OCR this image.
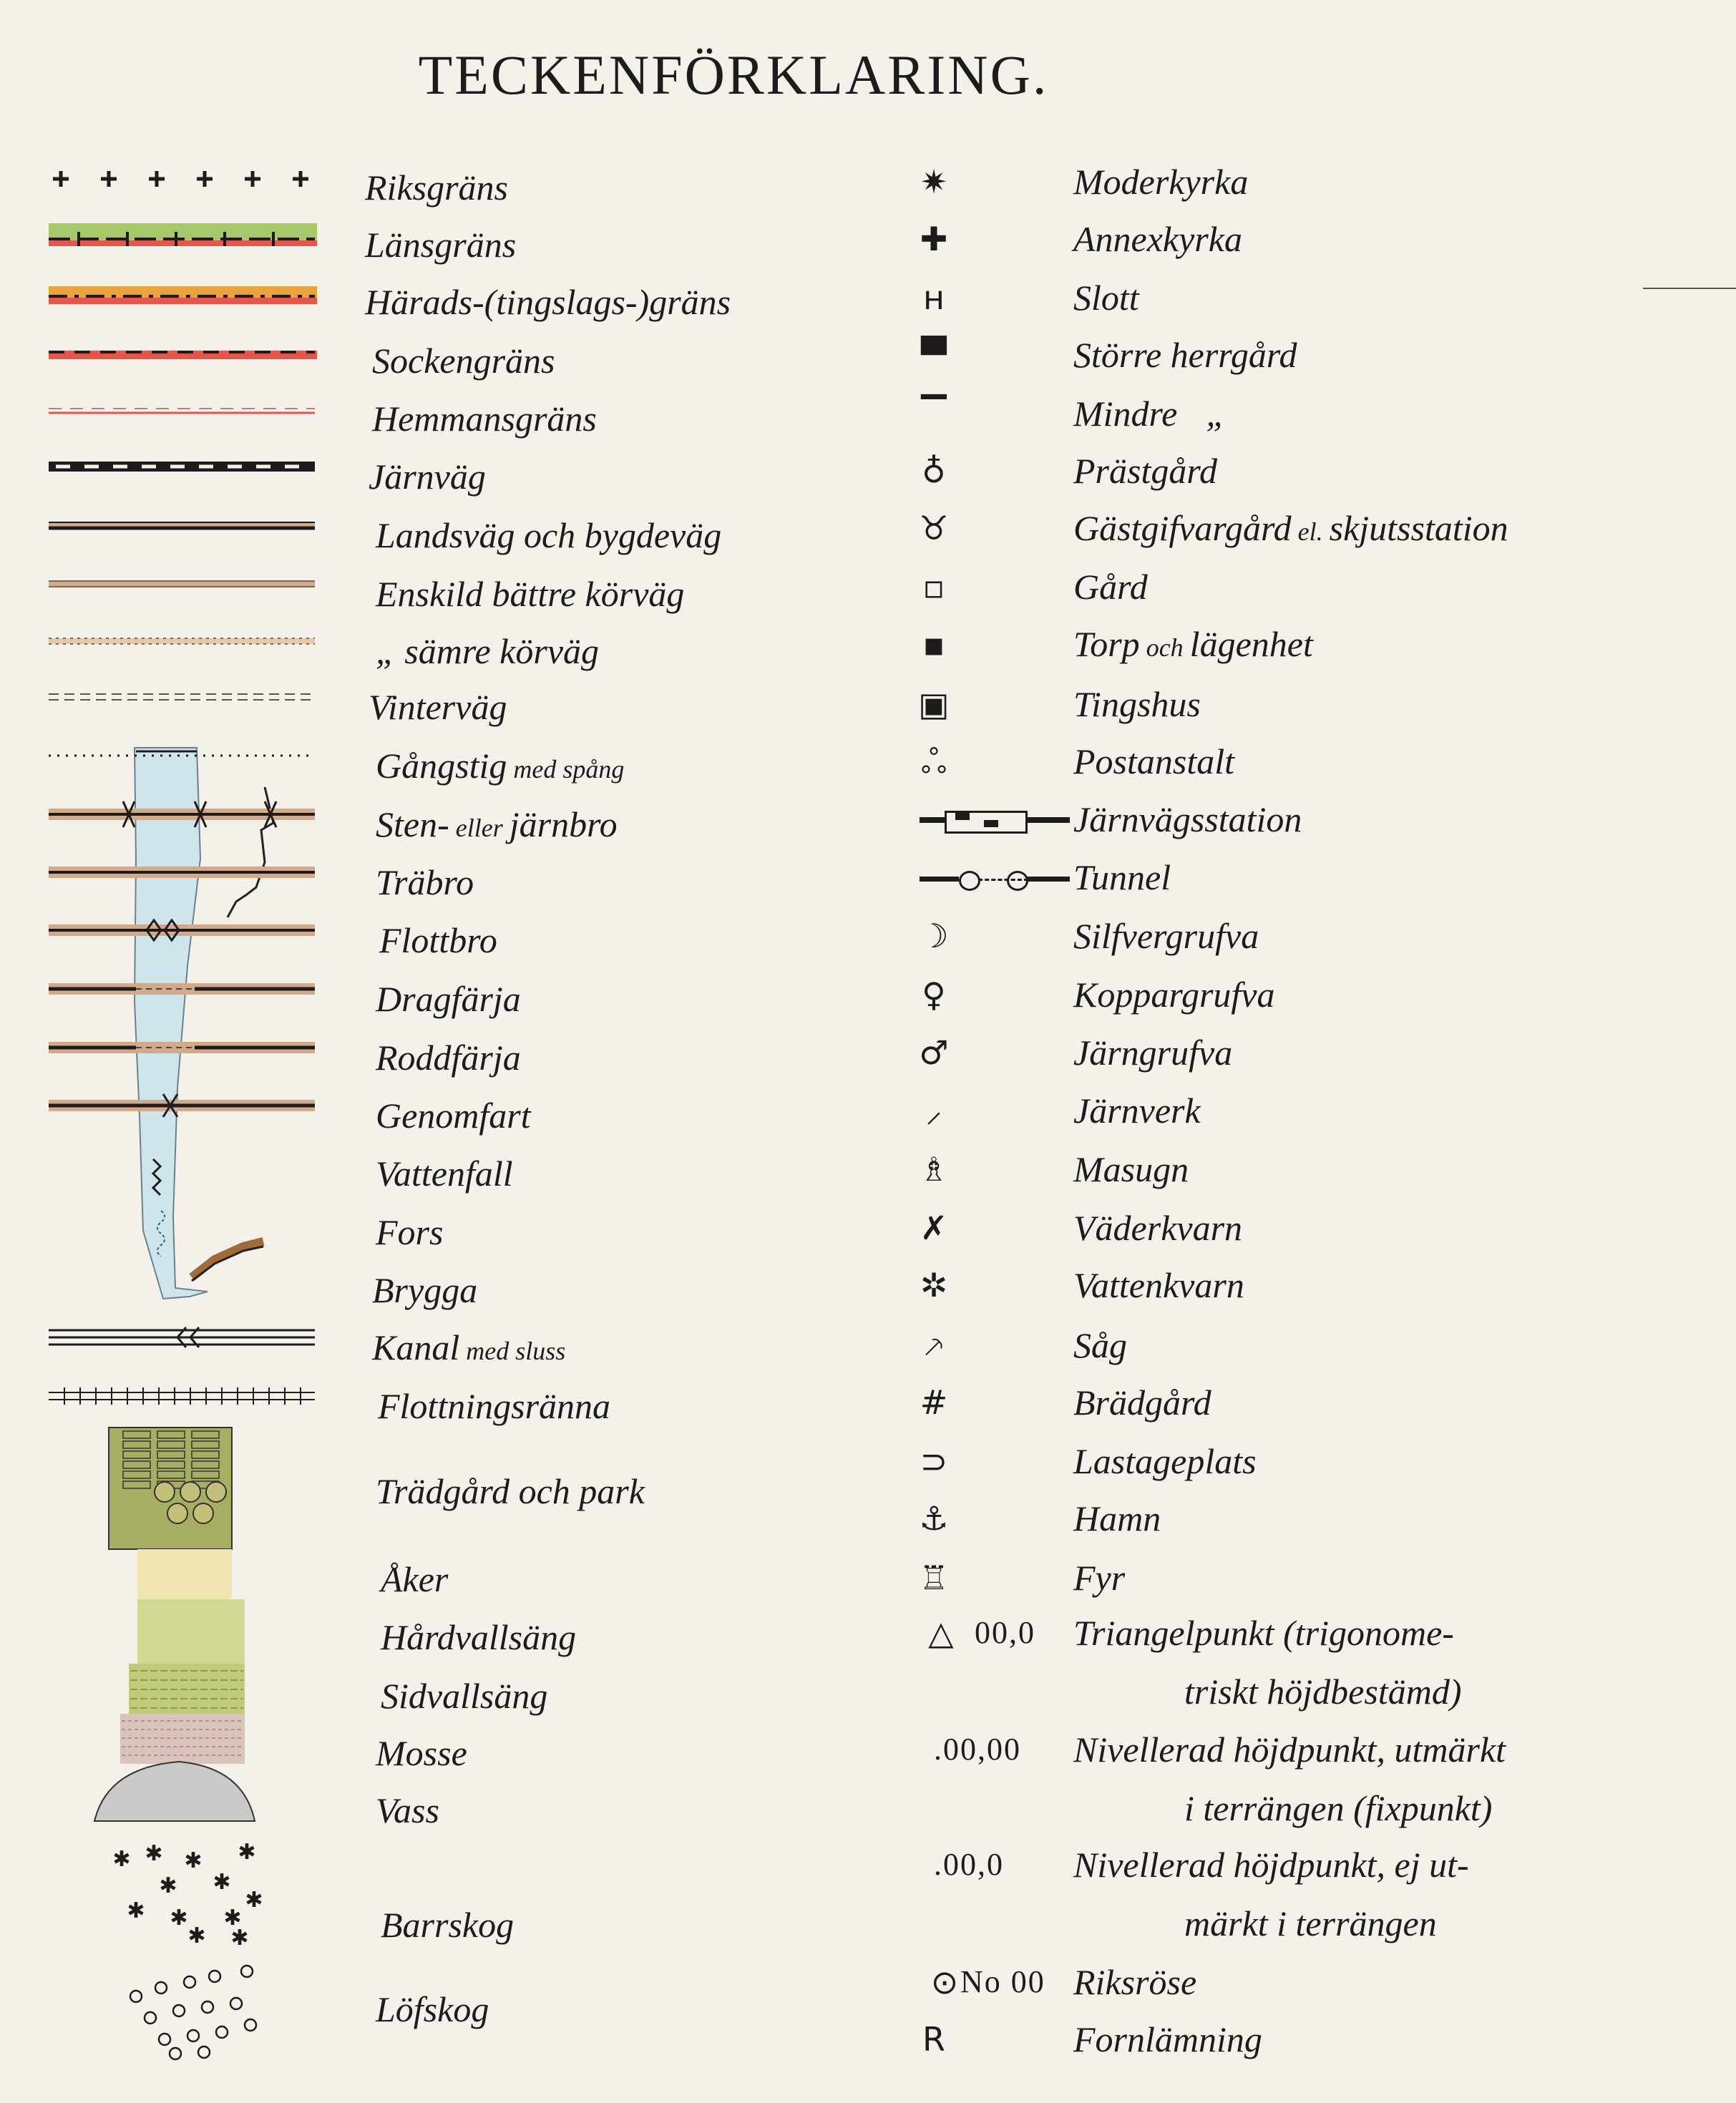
TECKENFÖRKLARING.
✱ ✱ ✱ ✱
✱ ✱
✱ ✱ ✱
✱
✱ ✱
Riksgräns
Länsgräns
Härads-(tingslags-)gräns
Sockengräns
Hemmansgräns
Järnväg
Landsväg och bygdeväg
Enskild bättre körväg
„ sämre körväg
Vinterväg
Gångstig med spång
Sten- eller järnbro
Träbro
Flottbro
Dragfärja
Roddfärja
Genomfart
Vattenfall
Fors
Brygga
Kanal med sluss
Flottningsränna
Trädgård och park
Åker
Hårdvallsäng
Sidvallsäng
Mosse
Vass
Barrskog
Löfskog
✷	Moderkyrka
✚	Annexkyrka
ʜ	Slott
▀	Större herrgård
▔	Mindre „
♁	Prästgård
♉	Gästgifvargård el. skjutsstation
▫	Gård
▪	Torp och lägenhet
▣	Tingshus
ஃ	Postanstalt
Järnvägsstation
Tunnel
☽	Silfvergrufva
♀	Koppargrufva
♂	Järngrufva
⸝	Järnverk
♗	Masugn
✗	Väderkvarn
✲	Vattenkvarn
⸕	Såg
#	Brädgård
⊃	Lastageplats
⚓	Hamn
♖	Fyr
△ 00,0 Triangelpunkt (trigonome-
triskt höjdbestämd)
.00,00 Nivellerad höjdpunkt, utmärkt
i terrängen (fixpunkt)
.00,0 Nivellerad höjdpunkt, ej ut-
märkt i terrängen
⊙ No 00 Riksröse
R	Fornlämning
